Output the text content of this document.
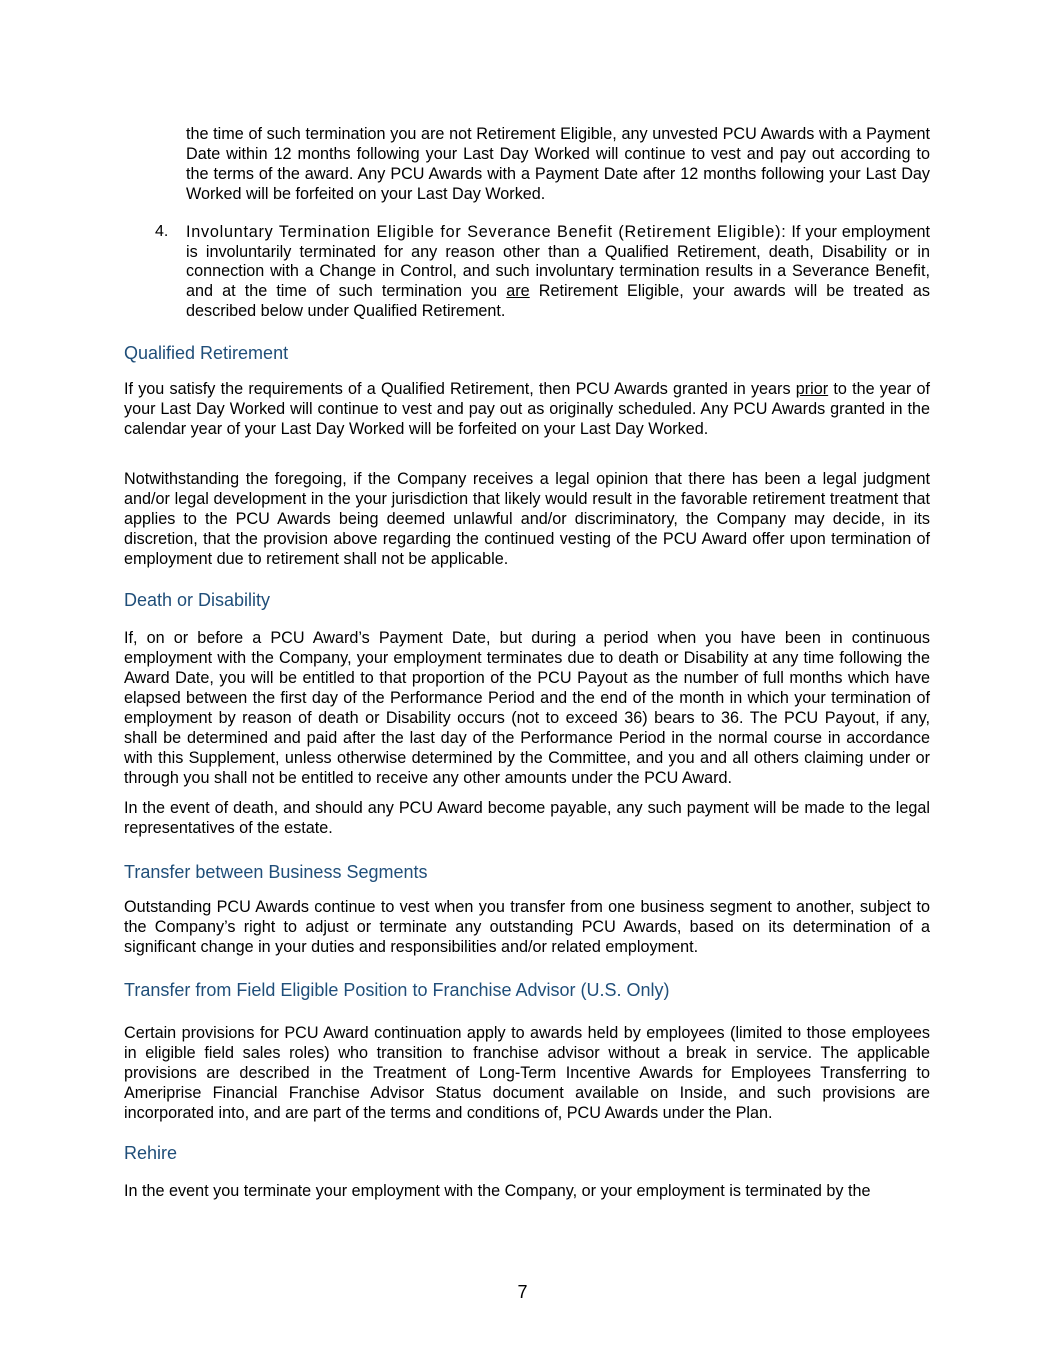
the time of such termination you are not Retirement Eligible, any unvested PCU Awards with a Payment Date within 12 months following your Last Day Worked will continue to vest and pay out according to the terms of the award. Any PCU Awards with a Payment Date after 12 months following your Last Day Worked will be forfeited on your Last Day Worked.

4. Involuntary Termination Eligible for Severance Benefit (Retirement Eligible): If your employment is involuntarily terminated for any reason other than a Qualified Retirement, death, Disability or in connection with a Change in Control, and such involuntary termination results in a Severance Benefit, and at the time of such termination you are Retirement Eligible, your awards will be treated as described below under Qualified Retirement.

Qualified Retirement

If you satisfy the requirements of a Qualified Retirement, then PCU Awards granted in years prior to the year of your Last Day Worked will continue to vest and pay out as originally scheduled. Any PCU Awards granted in the calendar year of your Last Day Worked will be forfeited on your Last Day Worked.

Notwithstanding the foregoing, if the Company receives a legal opinion that there has been a legal judgment and/or legal development in the your jurisdiction that likely would result in the favorable retirement treatment that applies to the PCU Awards being deemed unlawful and/or discriminatory, the Company may decide, in its discretion, that the provision above regarding the continued vesting of the PCU Award offer upon termination of employment due to retirement shall not be applicable.

Death or Disability

If, on or before a PCU Award’s Payment Date, but during a period when you have been in continuous employment with the Company, your employment terminates due to death or Disability at any time following the Award Date, you will be entitled to that proportion of the PCU Payout as the number of full months which have elapsed between the first day of the Performance Period and the end of the month in which your termination of employment by reason of death or Disability occurs (not to exceed 36) bears to 36. The PCU Payout, if any, shall be determined and paid after the last day of the Performance Period in the normal course in accordance with this Supplement, unless otherwise determined by the Committee, and you and all others claiming under or through you shall not be entitled to receive any other amounts under the PCU Award.

In the event of death, and should any PCU Award become payable, any such payment will be made to the legal representatives of the estate.

Transfer between Business Segments

Outstanding PCU Awards continue to vest when you transfer from one business segment to another, subject to the Company’s right to adjust or terminate any outstanding PCU Awards, based on its determination of a significant change in your duties and responsibilities and/or related employment.

Transfer from Field Eligible Position to Franchise Advisor (U.S. Only)

Certain provisions for PCU Award continuation apply to awards held by employees (limited to those employees in eligible field sales roles) who transition to franchise advisor without a break in service. The applicable provisions are described in the Treatment of Long-Term Incentive Awards for Employees Transferring to Ameriprise Financial Franchise Advisor Status document available on Inside, and such provisions are incorporated into, and are part of the terms and conditions of, PCU Awards under the Plan.

Rehire

In the event you terminate your employment with the Company, or your employment is terminated by the

7
